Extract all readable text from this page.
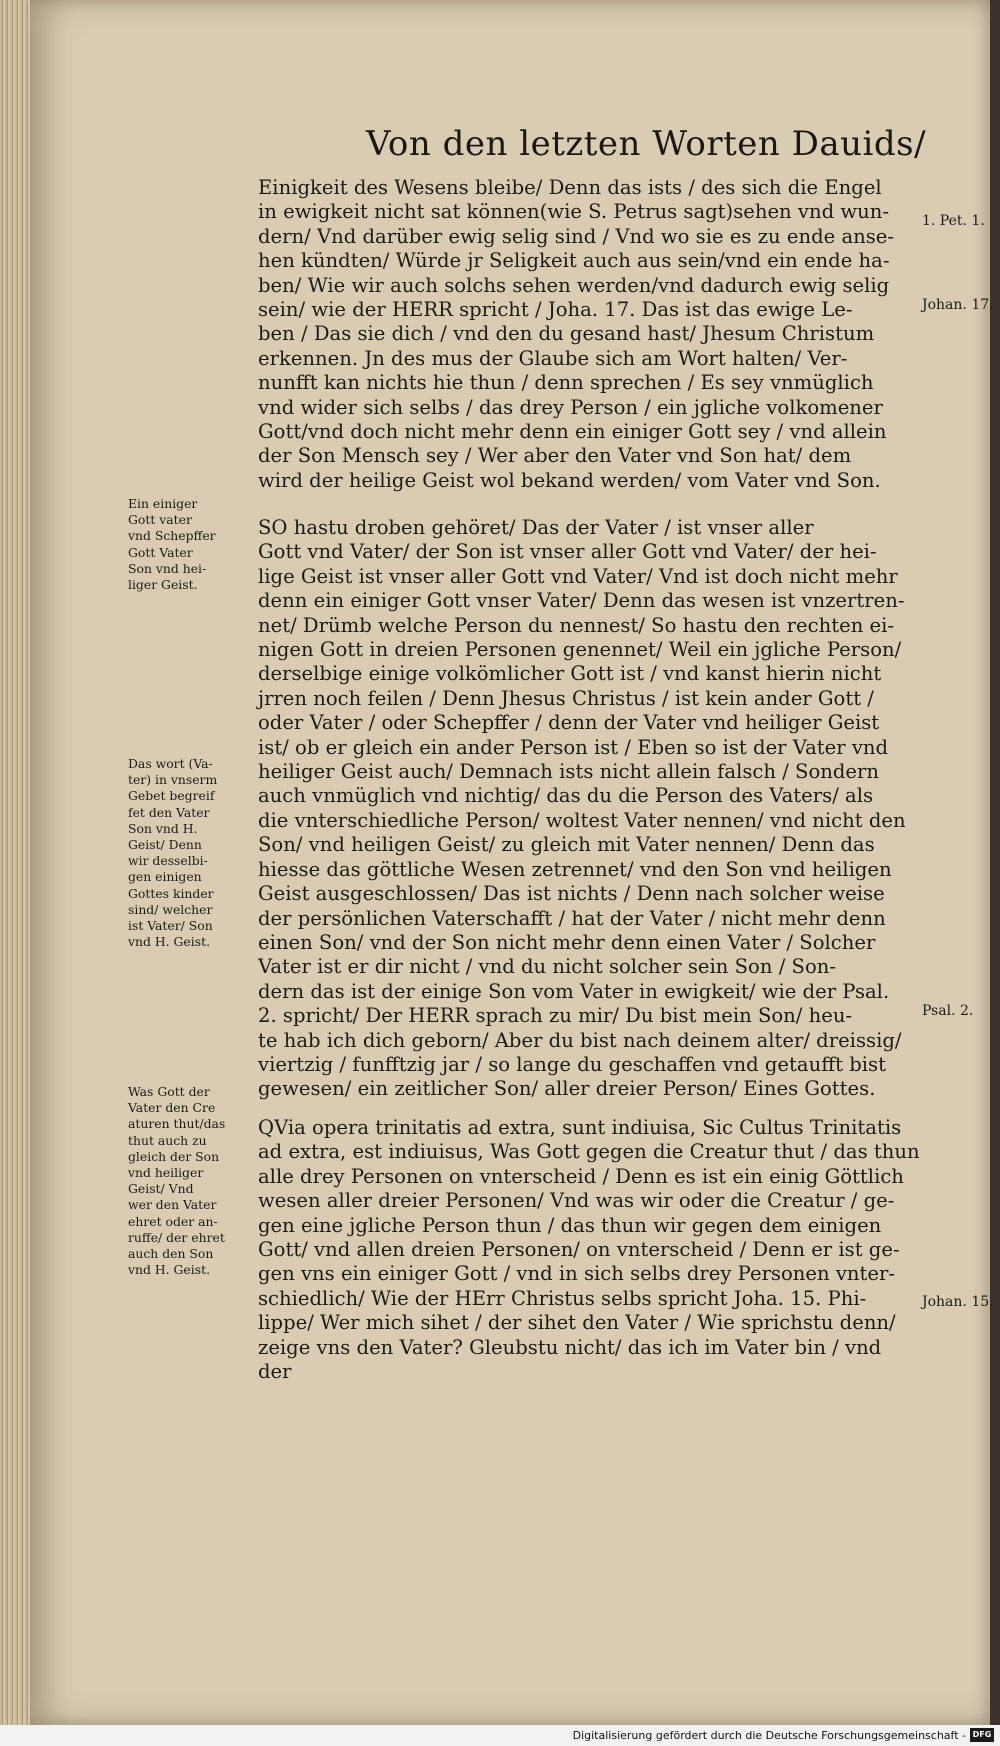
Von den letzten Worten Dauids/

Einigkeit des Wesens bleibe/ Denn das ists / des sich die Engel

in ewigkeit nicht sat können(wie S. Petrus sagt)sehen vnd wun-

dern/ Vnd darüber ewig selig sind / Vnd wo sie es zu ende anse-

hen kündten/ Würde jr Seligkeit auch aus sein/vnd ein ende ha-

ben/ Wie wir auch solchs sehen werden/vnd dadurch ewig selig

sein/ wie der HERR spricht / Joha. 17. Das ist das ewige Le-

ben / Das sie dich / vnd den du gesand hast/ Jhesum Christum

erkennen. Jn des mus der Glaube sich am Wort halten/ Ver-

nunfft kan nichts hie thun / denn sprechen / Es sey vnmüglich

vnd wider sich selbs / das drey Person / ein jgliche volkomener

Gott/vnd doch nicht mehr denn ein einiger Gott sey / vnd allein

der Son Mensch sey / Wer aber den Vater vnd Son hat/ dem

wird der heilige Geist wol bekand werden/ vom Vater vnd Son.

SO hastu droben gehöret/ Das der Vater / ist vnser aller

Gott vnd Vater/ der Son ist vnser aller Gott vnd Vater/ der hei-

lige Geist ist vnser aller Gott vnd Vater/ Vnd ist doch nicht mehr

denn ein einiger Gott vnser Vater/ Denn das wesen ist vnzertren-

net/ Drümb welche Person du nennest/ So hastu den rechten ei-

nigen Gott in dreien Personen genennet/ Weil ein jgliche Person/

derselbige einige volkömlicher Gott ist / vnd kanst hierin nicht

jrren noch feilen / Denn Jhesus Christus / ist kein ander Gott /

oder Vater / oder Schepffer / denn der Vater vnd heiliger Geist

ist/ ob er gleich ein ander Person ist / Eben so ist der Vater vnd

heiliger Geist auch/ Demnach ists nicht allein falsch / Sondern

auch vnmüglich vnd nichtig/ das du die Person des Vaters/ als

die vnterschiedliche Person/ woltest Vater nennen/ vnd nicht den

Son/ vnd heiligen Geist/ zu gleich mit Vater nennen/ Denn das

hiesse das göttliche Wesen zetrennet/ vnd den Son vnd heiligen

Geist ausgeschlossen/ Das ist nichts / Denn nach solcher weise

der persönlichen Vaterschafft / hat der Vater / nicht mehr denn

einen Son/ vnd der Son nicht mehr denn einen Vater / Solcher

Vater ist er dir nicht / vnd du nicht solcher sein Son / Son-

dern das ist der einige Son vom Vater in ewigkeit/ wie der Psal.

2. spricht/ Der HERR sprach zu mir/ Du bist mein Son/ heu-

te hab ich dich geborn/ Aber du bist nach deinem alter/ dreissig/

viertzig / funfftzig jar / so lange du geschaffen vnd getaufft bist

gewesen/ ein zeitlicher Son/ aller dreier Person/ Eines Gottes.

QVia opera trinitatis ad extra, sunt indiuisa, Sic Cultus Trinitatis

ad extra, est indiuisus, Was Gott gegen die Creatur thut / das thun

alle drey Personen on vnterscheid / Denn es ist ein einig Göttlich

wesen aller dreier Personen/ Vnd was wir oder die Creatur / ge-

gen eine jgliche Person thun / das thun wir gegen dem einigen

Gott/ vnd allen dreien Personen/ on vnterscheid / Denn er ist ge-

gen vns ein einiger Gott / vnd in sich selbs drey Personen vnter-

schiedlich/ Wie der HErr Christus selbs spricht Joha. 15. Phi-

lippe/ Wer mich sihet / der sihet den Vater / Wie sprichstu denn/

zeige vns den Vater? Gleubstu nicht/ das ich im Vater bin / vnd

der

Ein einiger

Gott vater

vnd Schepffer

Gott Vater

Son vnd hei-

liger Geist.

Das wort (Va-

ter) in vnserm

Gebet begreif

fet den Vater

Son vnd H.

Geist/ Denn

wir desselbi-

gen einigen

Gottes kinder

sind/ welcher

ist Vater/ Son

vnd H. Geist.

Was Gott der

Vater den Cre

aturen thut/das

thut auch zu

gleich der Son

vnd heiliger

Geist/ Vnd

wer den Vater

ehret oder an-

ruffe/ der ehret

auch den Son

vnd H. Geist.

1. Pet. 1.
Johan. 17.
Psal. 2.
Johan. 15.
Digitalisierung gefördert durch die Deutsche Forschungsgemeinschaft - DFG
